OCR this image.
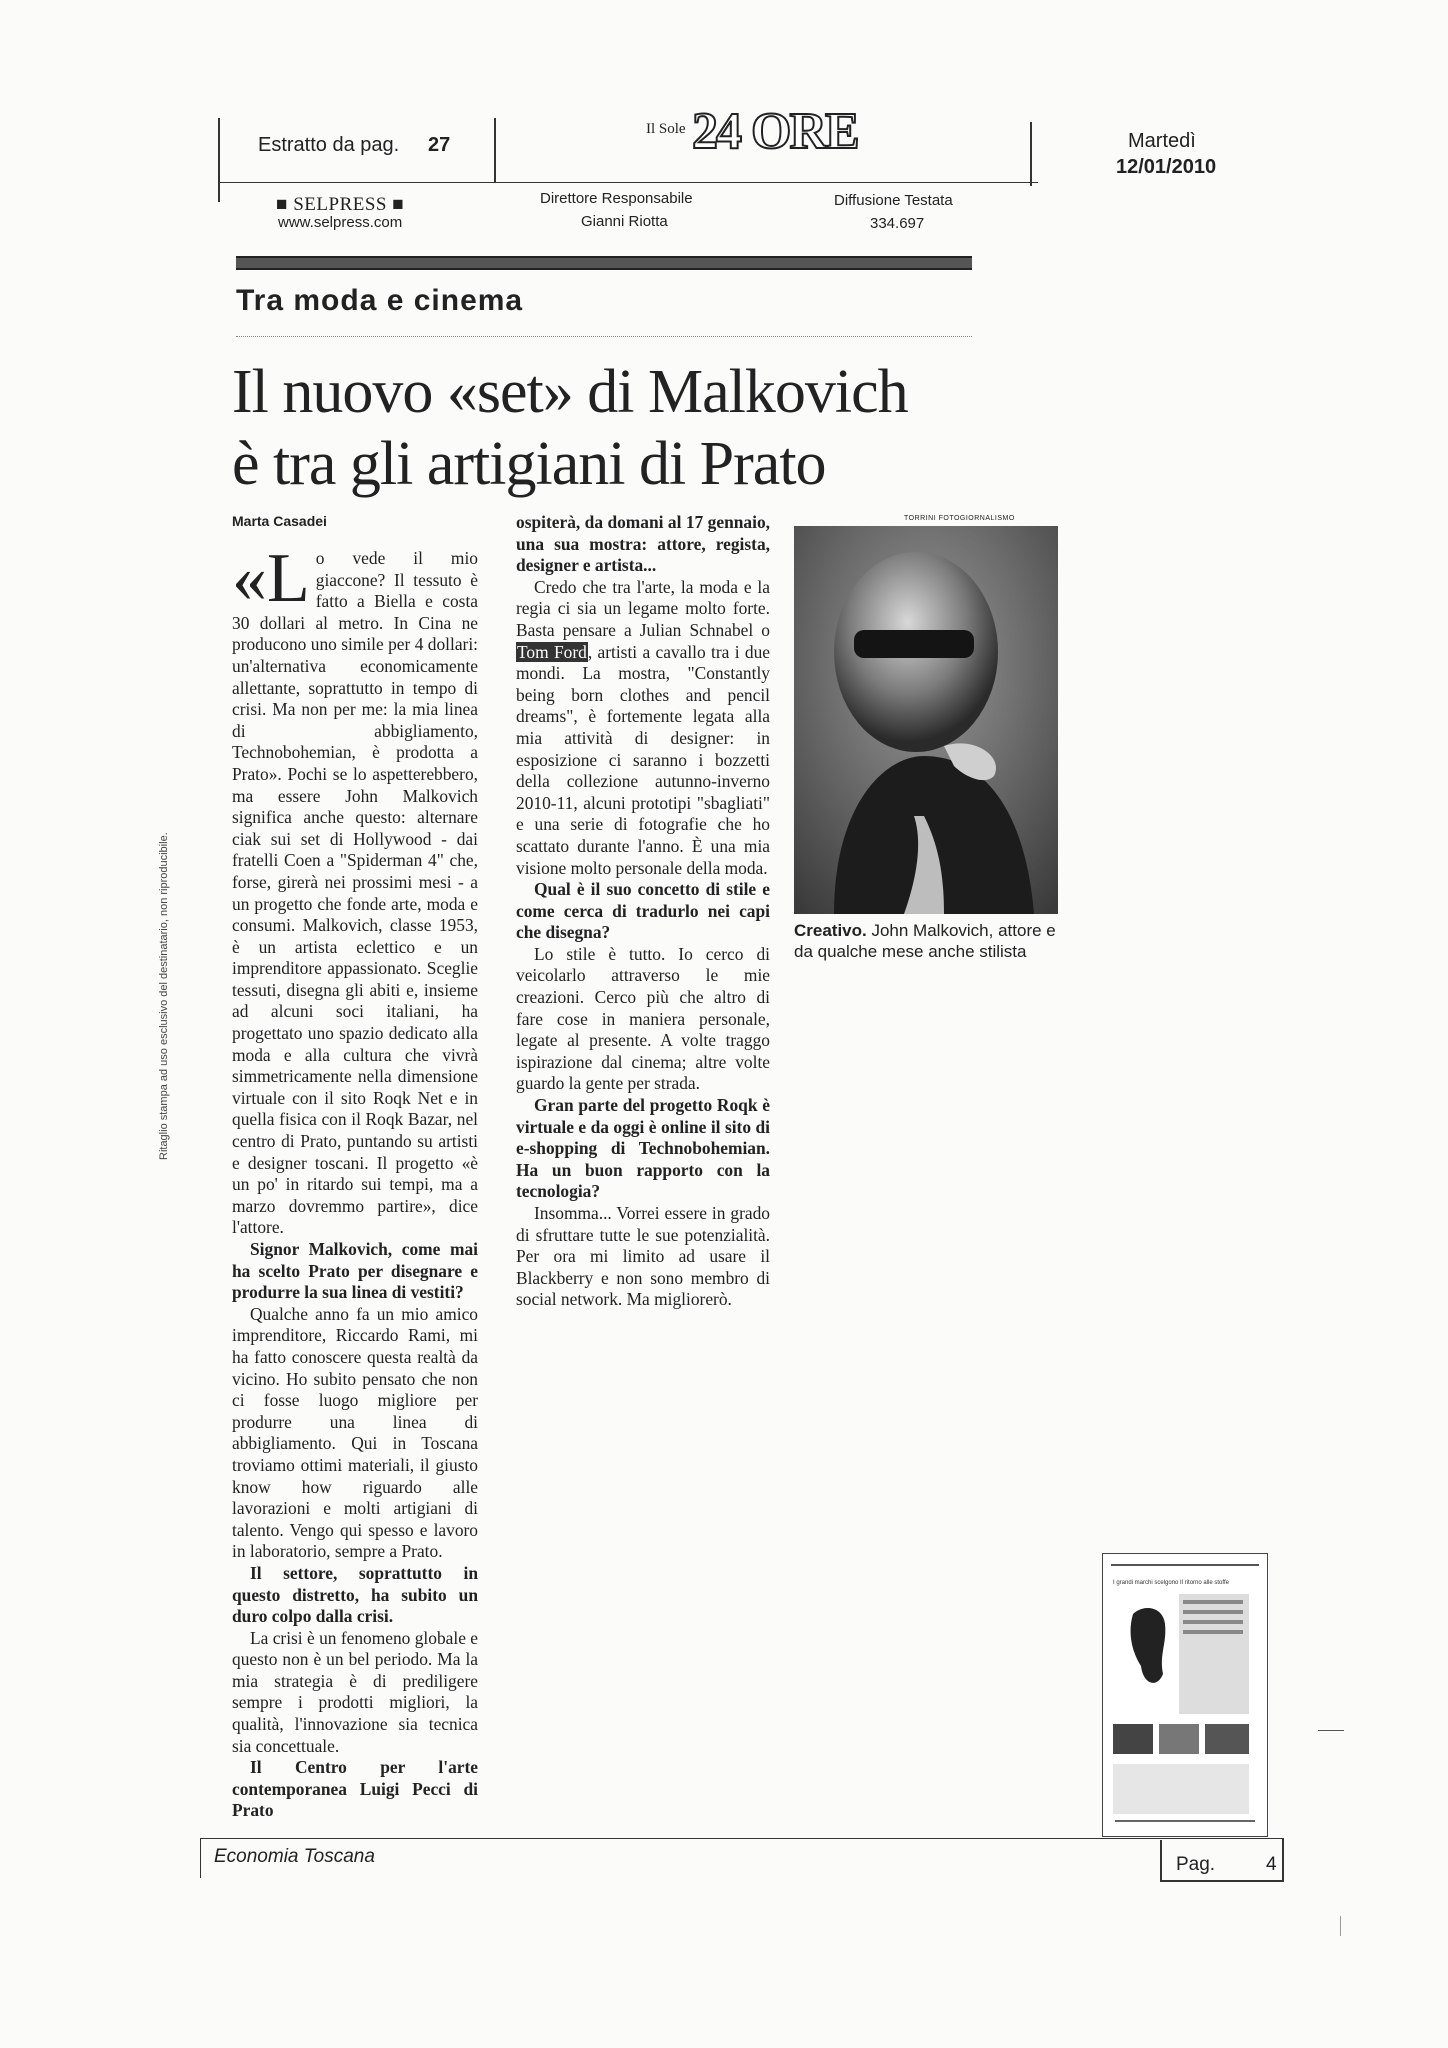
Estratto da pag. 27
Il Sole 24 ORE	Martedì
12/01/2010
■ SELPRESS ■
www.selpress.com
Direttore Responsabile
Gianni Riotta
Diffusione Testata
334.697
Tra moda e cinema
Il nuovo «set» di Malkovich
è tra gli artigiani di Prato
Marta Casadei

«Lo vede il mio giaccone? Il tessuto è fatto a Biella e costa 30 dollari al metro. In Cina ne producono uno simile per 4 dollari: un'alternativa economicamente allettante, soprattutto in tempo di crisi. Ma non per me: la mia linea di abbigliamento, Technobohemian, è prodotta a Prato». Pochi se lo aspetterebbero, ma essere John Malkovich significa anche questo: alternare ciak sui set di Hollywood - dai fratelli Coen a "Spiderman 4" che, forse, girerà nei prossimi mesi - a un progetto che fonde arte, moda e consumi. Malkovich, classe 1953, è un artista eclettico e un imprenditore appassionato. Sceglie tessuti, disegna gli abiti e, insieme ad alcuni soci italiani, ha progettato uno spazio dedicato alla moda e alla cultura che vivrà simmetricamente nella dimensione virtuale con il sito Roqk Net e in quella fisica con il Roqk Bazar, nel centro di Prato, puntando su artisti e designer toscani. Il progetto «è un po' in ritardo sui tempi, ma a marzo dovremmo partire», dice l'attore.

Signor Malkovich, come mai ha scelto Prato per disegnare e produrre la sua linea di vestiti?

Qualche anno fa un mio amico imprenditore, Riccardo Rami, mi ha fatto conoscere questa realtà da vicino. Ho subito pensato che non ci fosse luogo migliore per produrre una linea di abbigliamento. Qui in Toscana troviamo ottimi materiali, il giusto know how riguardo alle lavorazioni e molti artigiani di talento. Vengo qui spesso e lavoro in laboratorio, sempre a Prato.

Il settore, soprattutto in questo distretto, ha subito un duro colpo dalla crisi.

La crisi è un fenomeno globale e questo non è un bel periodo. Ma la mia strategia è di prediligere sempre i prodotti migliori, la qualità, l'innovazione sia tecnica sia concettuale.

Il Centro per l'arte contemporanea Luigi Pecci di Prato

ospiterà, da domani al 17 gennaio, una sua mostra: attore, regista, designer e artista...

Credo che tra l'arte, la moda e la regia ci sia un legame molto forte. Basta pensare a Julian Schnabel o Tom Ford, artisti a cavallo tra i due mondi. La mostra, "Constantly being born clothes and pencil dreams", è fortemente legata alla mia attività di designer: in esposizione ci saranno i bozzetti della collezione autunno-inverno 2010-11, alcuni prototipi "sbagliati" e una serie di fotografie che ho scattato durante l'anno. È una mia visione molto personale della moda.

Qual è il suo concetto di stile e come cerca di tradurlo nei capi che disegna?

Lo stile è tutto. Io cerco di veicolarlo attraverso le mie creazioni. Cerco più che altro di fare cose in maniera personale, legate al presente. A volte traggo ispirazione dal cinema; altre volte guardo la gente per strada.

Gran parte del progetto Roqk è virtuale e da oggi è online il sito di e-shopping di Technobohemian. Ha un buon rapporto con la tecnologia?

Insomma... Vorrei essere in grado di sfruttare tutte le sue potenzialità. Per ora mi limito ad usare il Blackberry e non sono membro di social network. Ma migliorerò.

TORRINI FOTOGIORNALISMO
Creativo. John Malkovich, attore e da qualche mese anche stilista
I grandi marchi scelgono Il ritorno alle stoffe
Economia Toscana	Pag.	4
Ritaglio stampa ad uso esclusivo del destinatario, non riproducibile.
